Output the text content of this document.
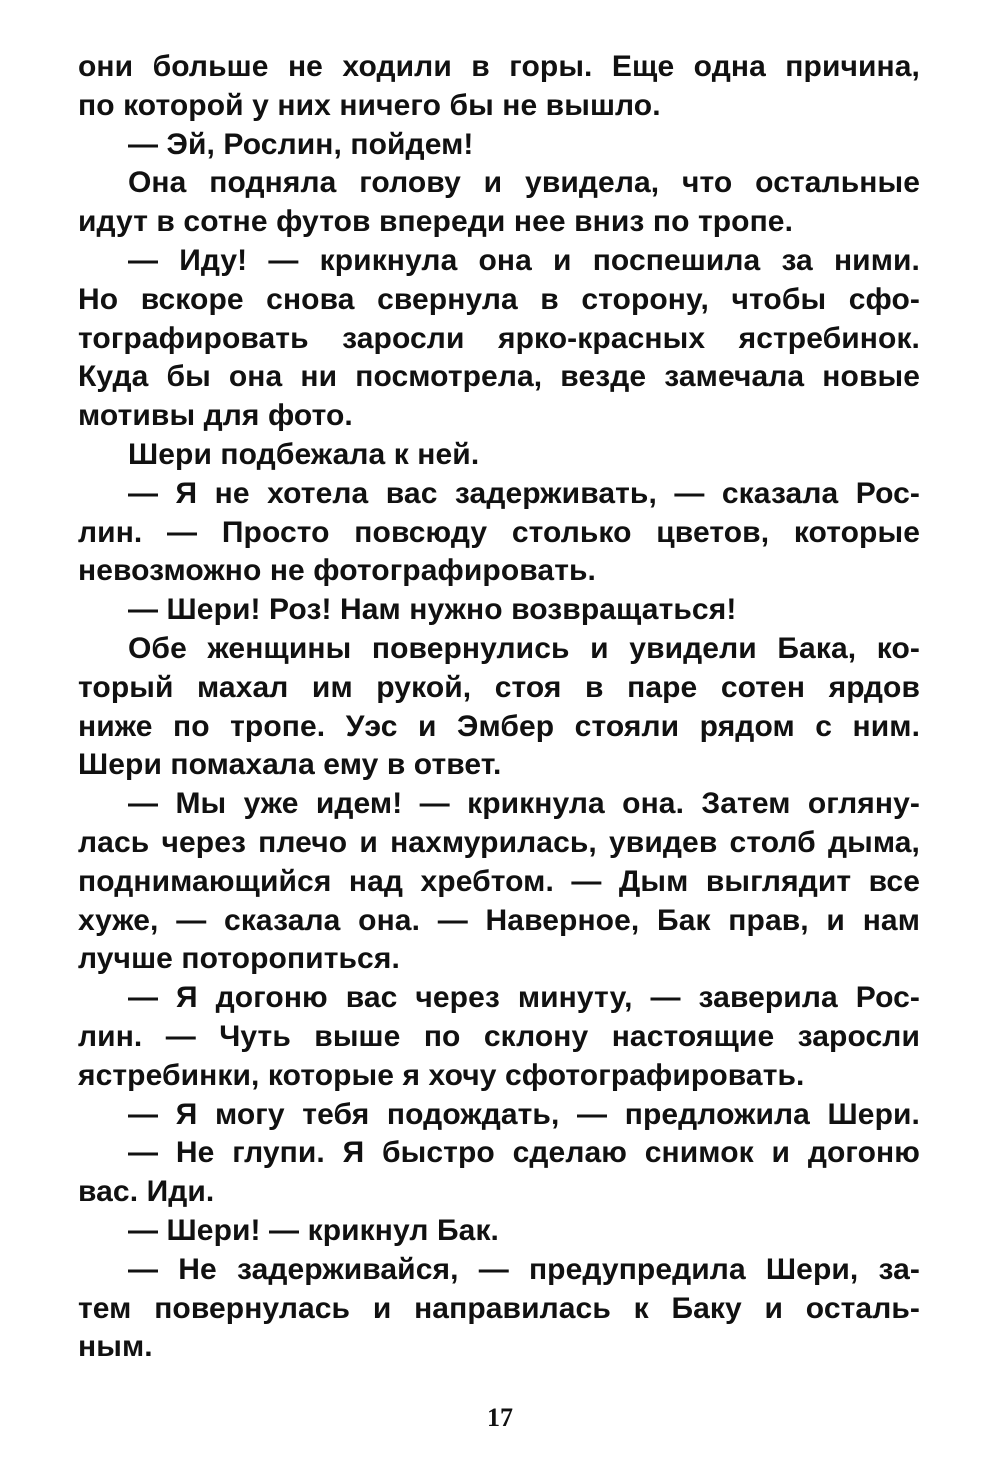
они больше не ходили в горы. Еще одна причина,
по которой у них ничего бы не вышло.
— Эй, Рослин, пойдем!
Она подняла голову и увидела, что остальные
идут в сотне футов впереди нее вниз по тропе.
— Иду! — крикнула она и поспешила за ними.
Но вскоре снова свернула в сторону, чтобы сфо-
тографировать заросли ярко-красных ястребинок.
Куда бы она ни посмотрела, везде замечала новые
мотивы для фото.
Шери подбежала к ней.
— Я не хотела вас задерживать, — сказала Рос-
лин. — Просто повсюду столько цветов, которые
невозможно не фотографировать.
— Шери! Роз! Нам нужно возвращаться!
Обе женщины повернулись и увидели Бака, ко-
торый махал им рукой, стоя в паре сотен ярдов
ниже по тропе. Уэс и Эмбер стояли рядом с ним.
Шери помахала ему в ответ.
— Мы уже идем! — крикнула она. Затем огляну-
лась через плечо и нахмурилась, увидев столб дыма,
поднимающийся над хребтом. — Дым выглядит все
хуже, — сказала она. — Наверное, Бак прав, и нам
лучше поторопиться.
— Я догоню вас через минуту, — заверила Рос-
лин. — Чуть выше по склону настоящие заросли
ястребинки, которые я хочу сфотографировать.
— Я могу тебя подождать, — предложила Шери.
— Не глупи. Я быстро сделаю снимок и догоню
вас. Иди.
— Шери! — крикнул Бак.
— Не задерживайся, — предупредила Шери, за-
тем повернулась и направилась к Баку и осталь-
ным.
17
